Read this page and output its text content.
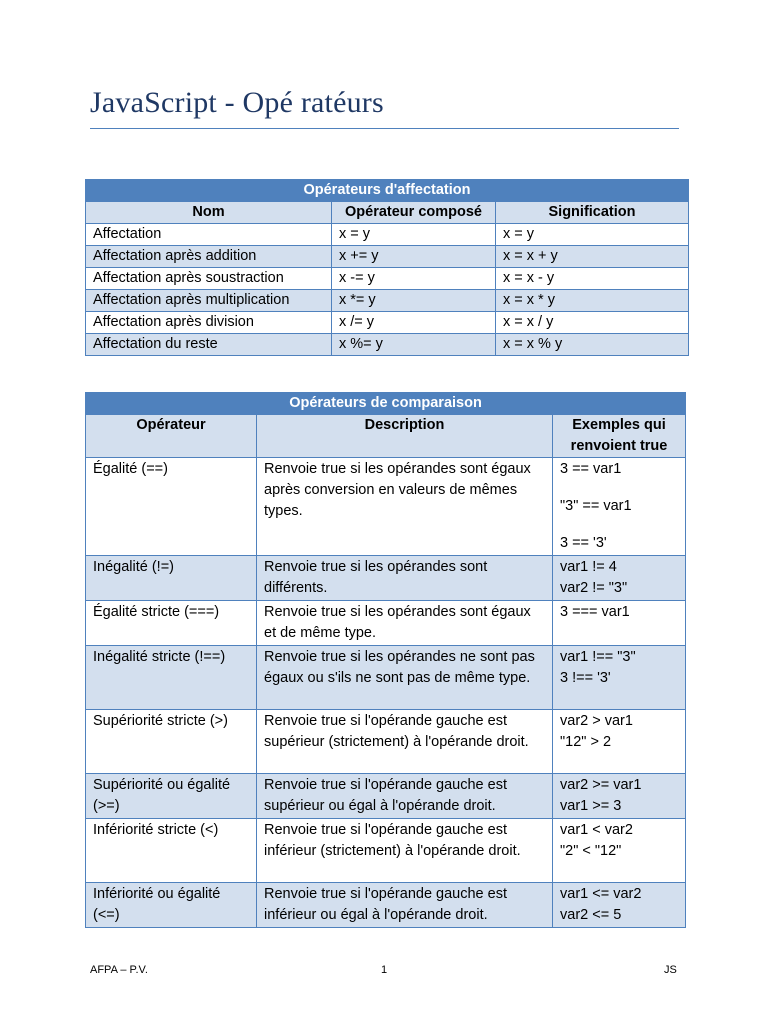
JavaScript - Opé ratéurs
Opérateurs d'affectation		
Nom	Opérateur composé	Signification
Affectation	x = y	x = y
Affectation après addition	x += y	x = x + y
Affectation après soustraction	x -= y	x = x - y
Affectation après multiplication	x *= y	x = x * y
Affectation après division	x /= y	x = x / y
Affectation du reste	x %= y	x = x % y
Opérateurs de comparaison		
Opérateur	Description	Exemples qui renvoient true
Égalité (==)	Renvoie true si les opérandes sont égaux après conversion en valeurs de mêmes types.	3 == var1
"3" == var1
3 == '3'

Inégalité (!=)	Renvoie true si les opérandes sont différents.	var1 != 4
var2 != "3"

Égalité stricte (===)	Renvoie true si les opérandes sont égaux et de même type.	3 === var1

Inégalité stricte (!==)	Renvoie true si les opérandes ne sont pas égaux ou s'ils ne sont pas de même type.	var1 !== "3"
3 !== '3'

Supériorité stricte (>)	Renvoie true si l'opérande gauche est supérieur (strictement) à l'opérande droit.	var2 > var1
"12" > 2

Supériorité ou égalité (>=)	Renvoie true si l'opérande gauche est supérieur ou égal à l'opérande droit.	var2 >= var1
var1 >= 3

Infériorité stricte (<)	Renvoie true si l'opérande gauche est inférieur (strictement) à l'opérande droit.	var1 < var2
"2" < "12"

Infériorité ou égalité (<=)	Renvoie true si l'opérande gauche est inférieur ou égal à l'opérande droit.	var1 <= var2
var2 <= 5
AFPA – P.V.	1	JS
